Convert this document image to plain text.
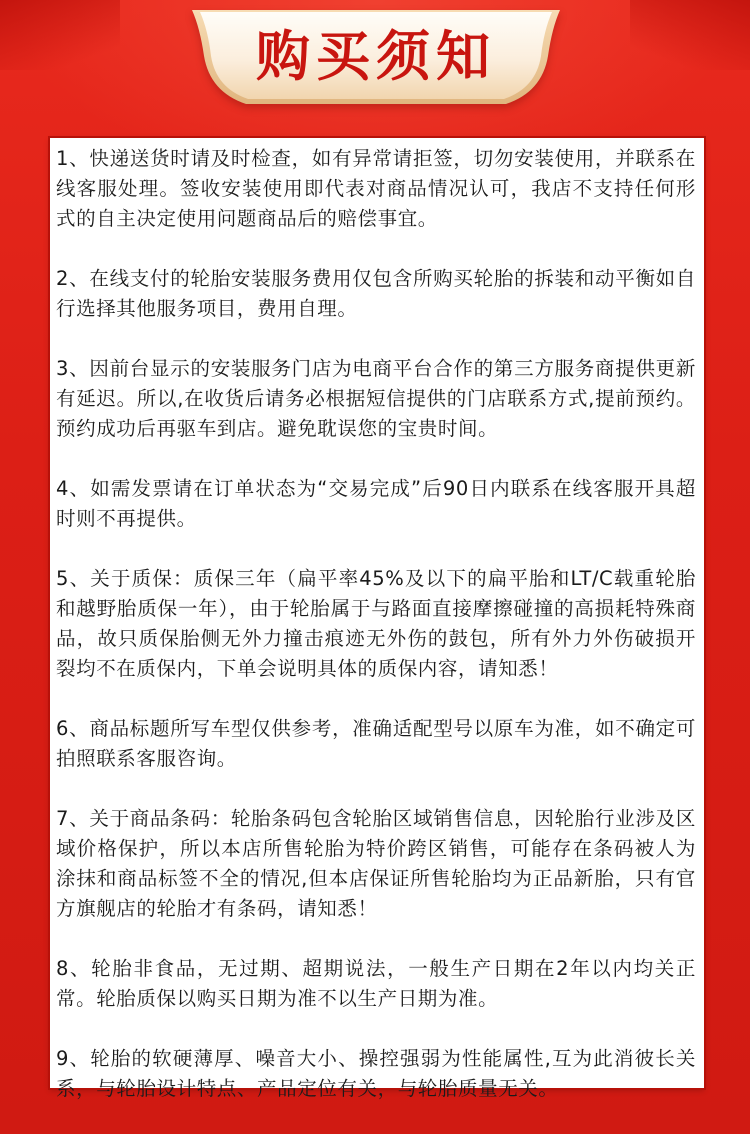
购买须知
1、快递送货时请及时检查，如有异常请拒签，切勿安装使用，并联系在线客服处理。签收安装使用即代表对商品情况认可，我店不支持任何形式的自主决定使用问题商品后的赔偿事宜。
2、在线支付的轮胎安装服务费用仅包含所购买轮胎的拆装和动平衡如自行选择其他服务项目，费用自理。
3、因前台显示的安装服务门店为电商平台合作的第三方服务商提供更新有延迟。所以,在收货后请务必根据短信提供的门店联系方式,提前预约。预约成功后再驱车到店。避免耽误您的宝贵时间。
4、如需发票请在订单状态为“交易完成”后90日内联系在线客服开具超时则不再提供。
5、关于质保：质保三年（扁平率45%及以下的扁平胎和LT/C载重轮胎和越野胎质保一年），由于轮胎属于与路面直接摩擦碰撞的高损耗特殊商品，故只质保胎侧无外力撞击痕迹无外伤的鼓包，所有外力外伤破损开裂均不在质保内，下单会说明具体的质保内容，请知悉！
6、商品标题所写车型仅供参考，准确适配型号以原车为准，如不确定可拍照联系客服咨询。
7、关于商品条码：轮胎条码包含轮胎区域销售信息，因轮胎行业涉及区域价格保护，所以本店所售轮胎为特价跨区销售，可能存在条码被人为涂抹和商品标签不全的情况,但本店保证所售轮胎均为正品新胎，只有官方旗舰店的轮胎才有条码，请知悉！
8、轮胎非食品，无过期、超期说法，一般生产日期在2年以内均关正常。轮胎质保以购买日期为准不以生产日期为准。
9、轮胎的软硬薄厚、噪音大小、操控强弱为性能属性,互为此消彼长关系，与轮胎设计特点、产品定位有关，与轮胎质量无关。
